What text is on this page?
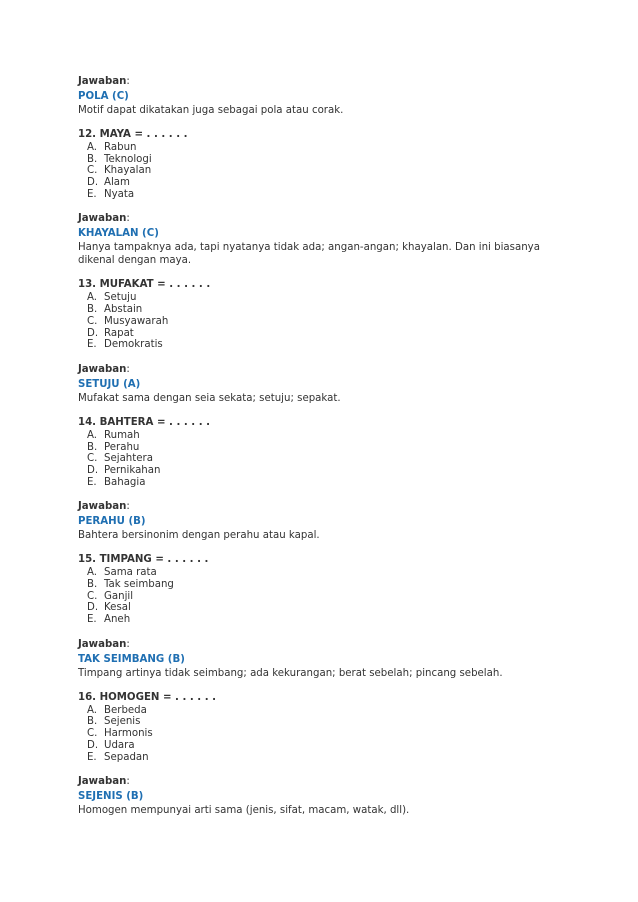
Jawaban:
POLA (C)
Motif dapat dikatakan juga sebagai pola atau corak.
12. MAYA = . . . . . .
A. Rabun
B. Teknologi
C. Khayalan
D. Alam
E. Nyata
Jawaban:
KHAYALAN (C)
Hanya tampaknya ada, tapi nyatanya tidak ada; angan-angan; khayalan. Dan ini biasanya dikenal dengan maya.
13. MUFAKAT = . . . . . .
A. Setuju
B. Abstain
C. Musyawarah
D. Rapat
E. Demokratis
Jawaban:
SETUJU (A)
Mufakat sama dengan seia sekata; setuju; sepakat.
14. BAHTERA = . . . . . .
A. Rumah
B. Perahu
C. Sejahtera
D. Pernikahan
E. Bahagia
Jawaban:
PERAHU (B)
Bahtera bersinonim dengan perahu atau kapal.
15. TIMPANG = . . . . . .
A. Sama rata
B. Tak seimbang
C. Ganjil
D. Kesal
E. Aneh
Jawaban:
TAK SEIMBANG (B)
Timpang artinya tidak seimbang; ada kekurangan; berat sebelah; pincang sebelah.
16. HOMOGEN = . . . . . .
A. Berbeda
B. Sejenis
C. Harmonis
D. Udara
E. Sepadan
Jawaban:
SEJENIS (B)
Homogen mempunyai arti sama (jenis, sifat, macam, watak, dll).
